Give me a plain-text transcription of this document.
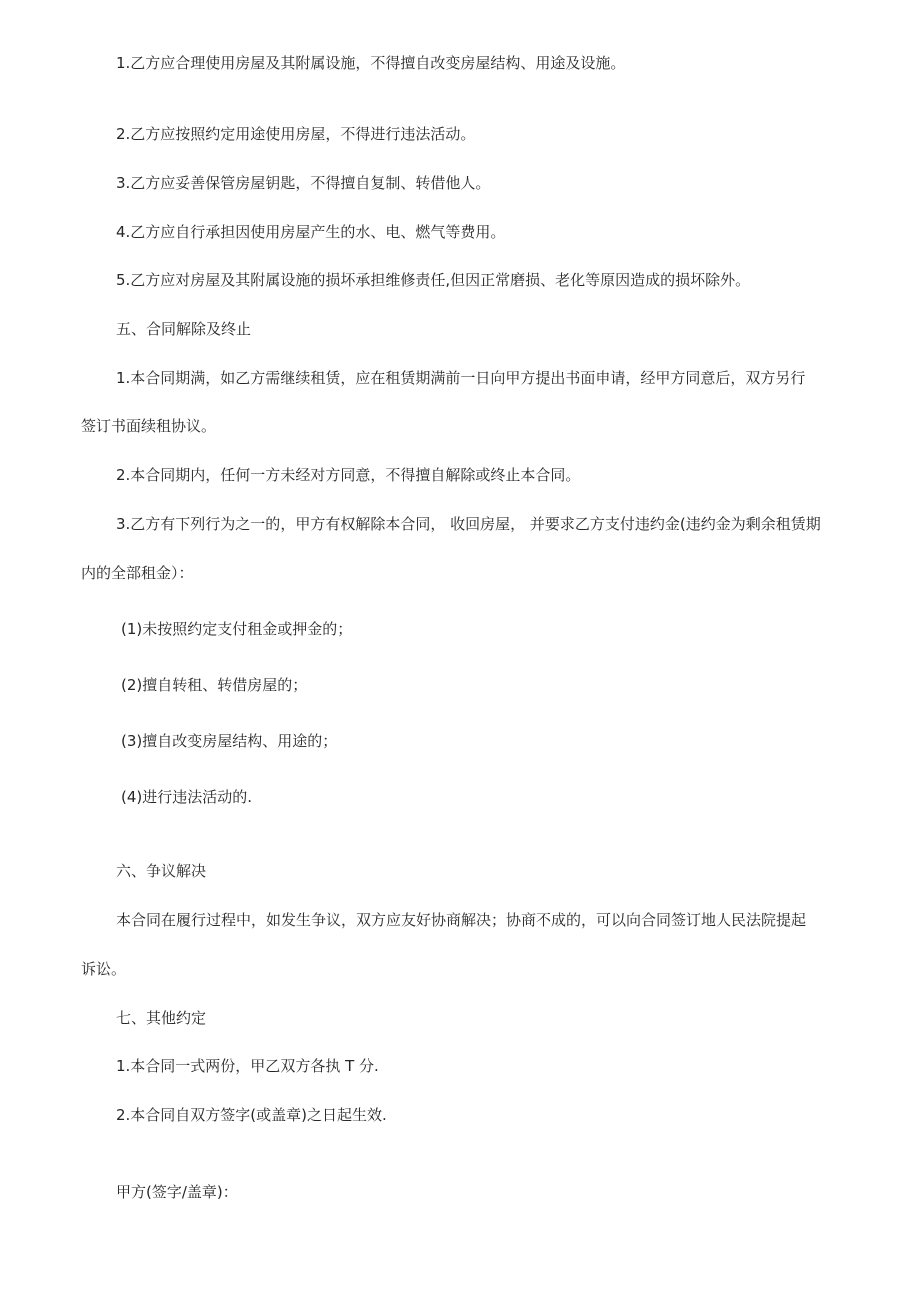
1.乙方应合理使用房屋及其附属设施，不得擅自改变房屋结构、用途及设施。
2.乙方应按照约定用途使用房屋，不得进行违法活动。
3.乙方应妥善保管房屋钥匙，不得擅自复制、转借他人。
4.乙方应自行承担因使用房屋产生的水、电、燃气等费用。
5.乙方应对房屋及其附属设施的损坏承担维修责任,但因正常磨损、老化等原因造成的损坏除外。
五、合同解除及终止
1.本合同期满，如乙方需继续租赁，应在租赁期满前一日向甲方提出书面申请，经甲方同意后，双方另行
签订书面续租协议。
2.本合同期内，任何一方未经对方同意，不得擅自解除或终止本合同。
3.乙方有下列行为之一的，甲方有权解除本合同， 收回房屋， 并要求乙方支付违约金(违约金为剩余租赁期
内的全部租金）：
(1)未按照约定支付租金或押金的；
(2)擅自转租、转借房屋的；
(3)擅自改变房屋结构、用途的；
(4)进行违法活动的.
六、争议解决
本合同在履行过程中，如发生争议，双方应友好协商解决；协商不成的，可以向合同签订地人民法院提起
诉讼。
七、其他约定
1.本合同一式两份，甲乙双方各执 T 分.
2.本合同自双方签字(或盖章)之日起生效.
甲方(签字/盖章)：
